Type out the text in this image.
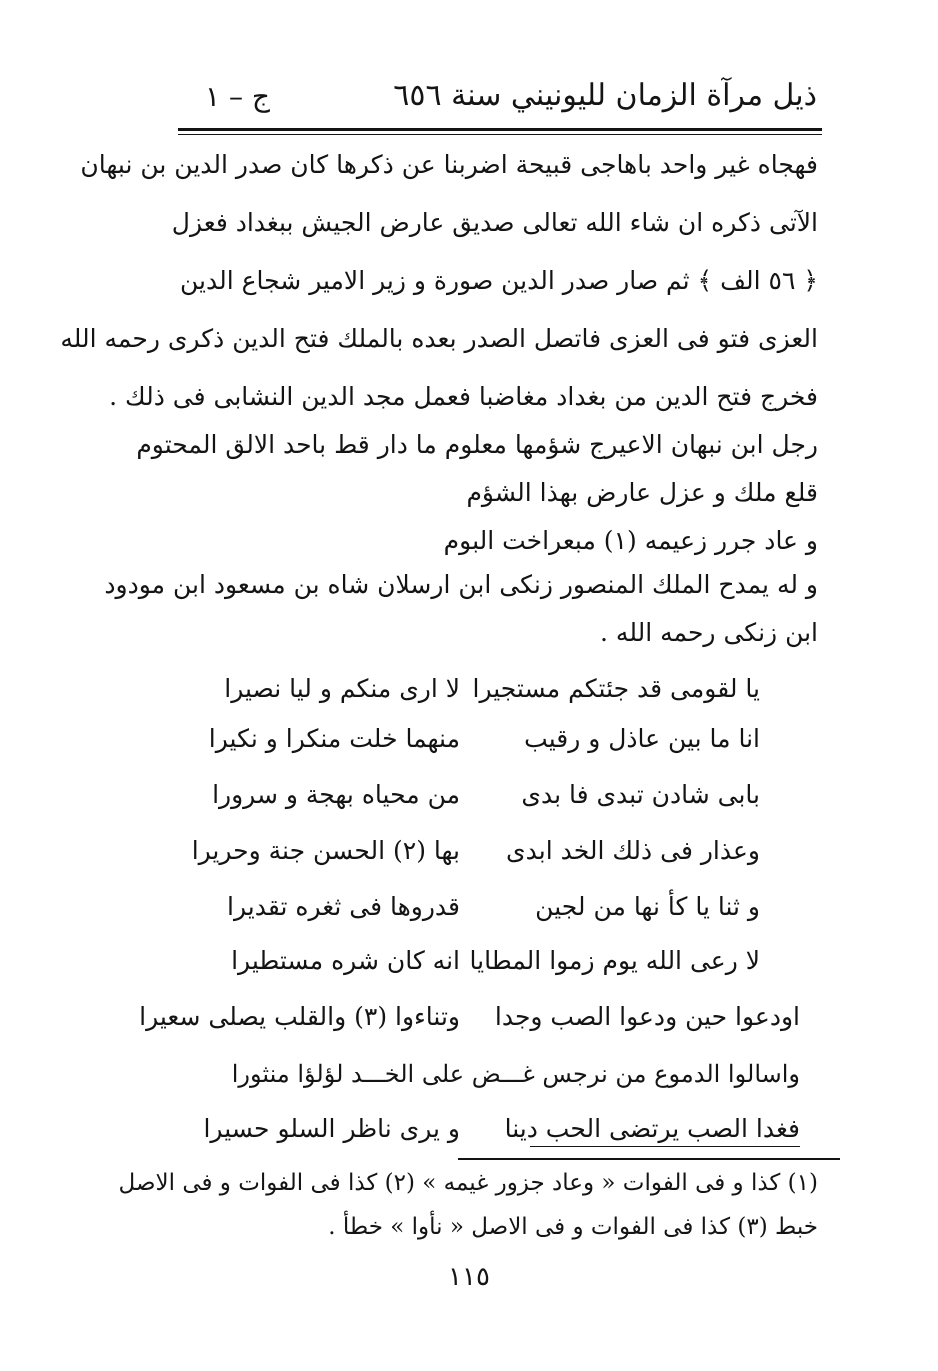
ذيل مرآة الزمان لليونيني سنة ٦٥٦
ج – ١
فهجاه غير واحد باهاجى قبيحة اضربنا عن ذكرها كان صدر الدين بن نبهان
الآتى ذكره ان شاء الله تعالى صديق عارض الجيش ببغداد فعزل
﴿ ٥٦ الف ﴾ ثم صار صدر الدين صورة و زير الامير شجاع الدين
العزى فتو فى العزى فاتصل الصدر بعده بالملك فتح الدين ذكرى رحمه الله
فخرج فتح الدين من بغداد مغاضبا فعمل مجد الدين النشابى فى ذلك .
رجل ابن نبهان الاعيرج شؤمها معلوم ما دار قط باحد الالق المحتوم
قلع ملك و عزل عارض بهذا الشؤم
و عاد جرر زعيمه (١) مبعراخت البوم
و له يمدح الملك المنصور زنكى ابن ارسلان شاه بن مسعود ابن مودود
ابن زنكى رحمه الله .
يا لقومى قد جئتكم مستجيرا
لا ارى منكم و ليا نصيرا
انا ما بين عاذل و رقيب
منهما خلت منكرا و نكيرا
بابى شادن تبدى فا بدى
من محياه بهجة و سرورا
وعذار فى ذلك الخد ابدى
بها (٢) الحسن جنة وحريرا
و ثنا يا كأ نها من لجين
قدروها فى ثغره تقديرا
لا رعى الله يوم زموا المطايا
انه كان شره مستطيرا
اودعوا حين ودعوا الصب وجدا
وتناءوا (٣) والقلب يصلى سعيرا
واسالوا الدموع من نرجس غـــض على الخـــد لؤلؤا منثورا
فغدا الصب يرتضى الحب دينا
و يرى ناظر السلو حسيرا
(١) كذا و فى الفوات « وعاد جزور غيمه » (٢) كذا فى الفوات و فى الاصل
خبط (٣) كذا فى الفوات و فى الاصل « نأوا » خطأ .
١١٥
